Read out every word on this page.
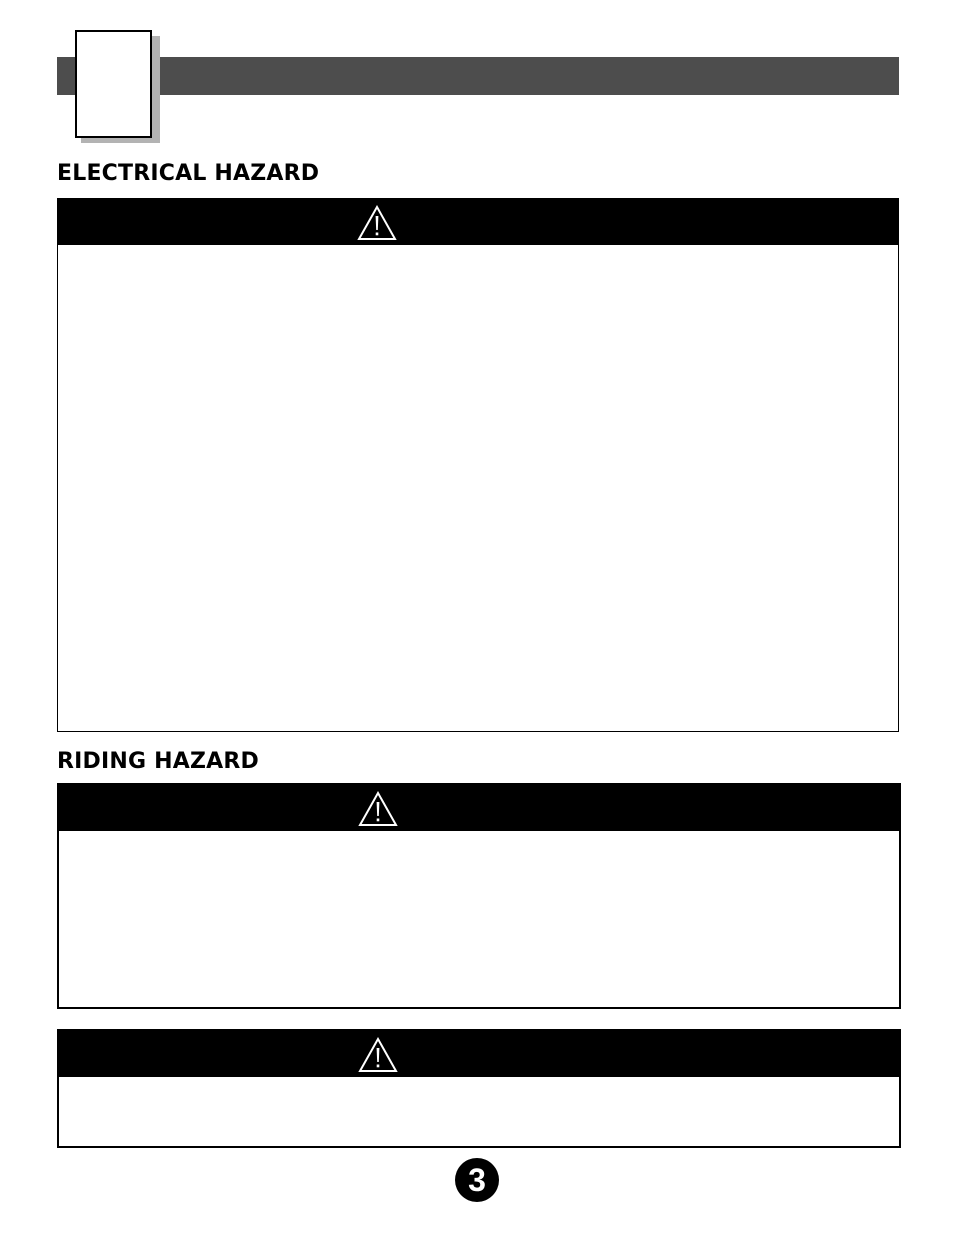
ELECTRICAL HAZARD
RIDING HAZARD
3
